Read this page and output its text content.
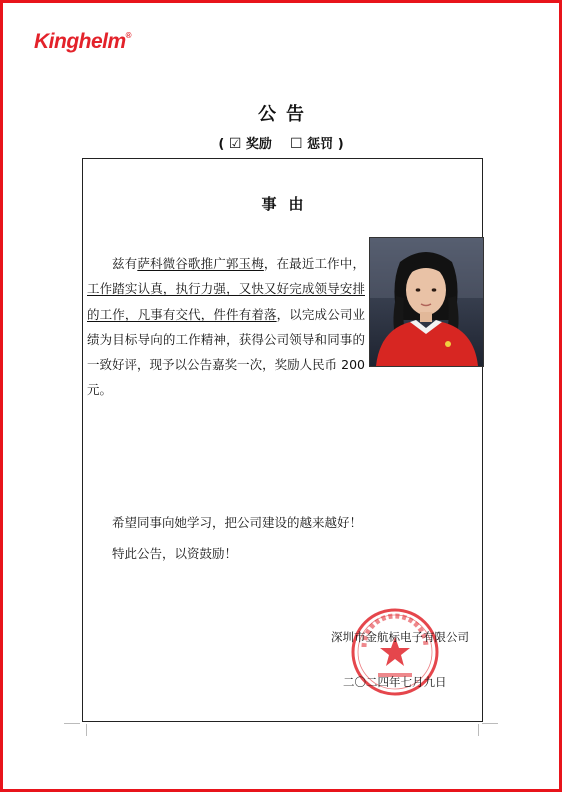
Kinghelm®
公告
( ☑ 奖励 ☐ 惩罚 )
事由

兹有萨科微谷歌推广郭玉梅，在最近工作中，工作踏实认真，执行力强，又快又好完成领导安排的工作，凡事有交代，件件有着落，以完成公司业绩为目标导向的工作精神，获得公司领导和同事的一致好评，现予以公告嘉奖一次，奖励人民币 200元。

希望同事向她学习，把公司建设的越来越好！

特此公告，以资鼓励！

深圳市金航标电子有限公司

二〇二四年七月九日
